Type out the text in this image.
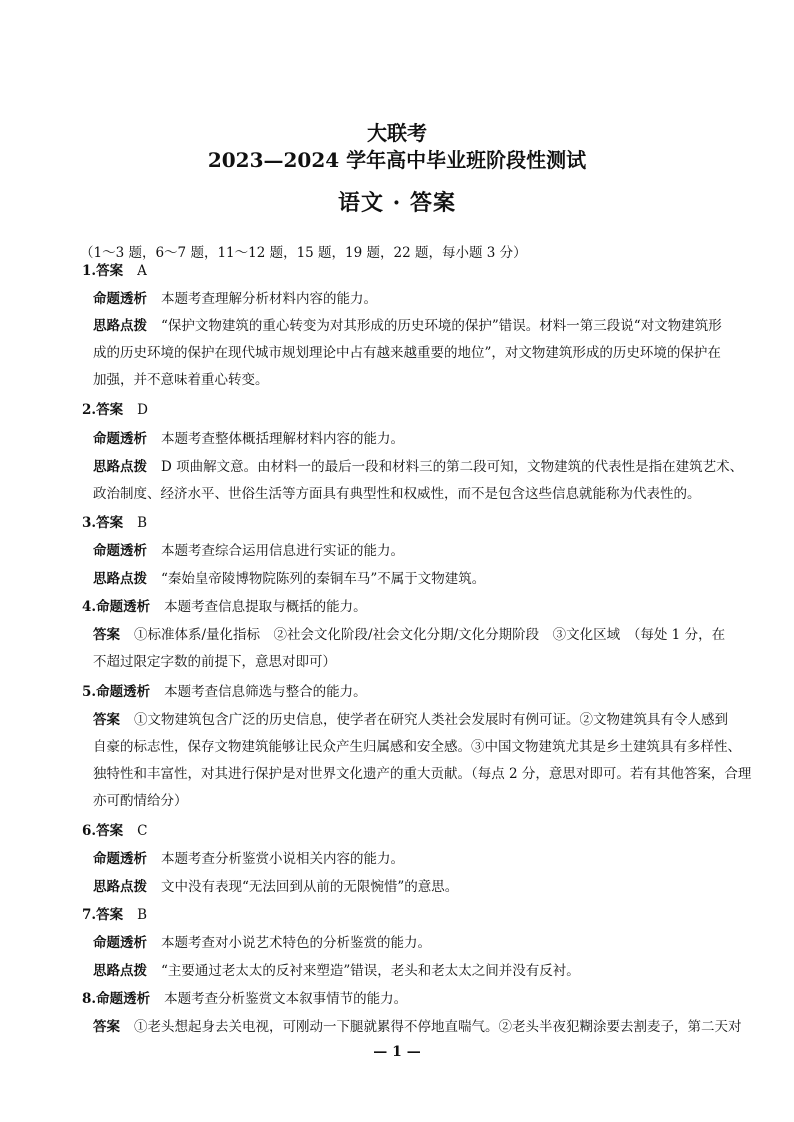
大联考
2023—2024 学年高中毕业班阶段性测试
语文 · 答案
（1～3 题，6～7 题，11～12 题，15 题，19 题，22 题，每小题 3 分）
1.答案 A
命题透析 本题考查理解分析材料内容的能力。
思路点拨 “保护文物建筑的重心转变为对其形成的历史环境的保护”错误。材料一第三段说“对文物建筑形
成的历史环境的保护在现代城市规划理论中占有越来越重要的地位”，对文物建筑形成的历史环境的保护在
加强，并不意味着重心转变。
2.答案 D
命题透析 本题考查整体概括理解材料内容的能力。
思路点拨 D 项曲解文意。由材料一的最后一段和材料三的第二段可知，文物建筑的代表性是指在建筑艺术、
政治制度、经济水平、世俗生活等方面具有典型性和权威性，而不是包含这些信息就能称为代表性的。
3.答案 B
命题透析 本题考查综合运用信息进行实证的能力。
思路点拨 “秦始皇帝陵博物院陈列的秦铜车马”不属于文物建筑。
4.命题透析 本题考查信息提取与概括的能力。
答案 ①标准体系/量化指标　②社会文化阶段/社会文化分期/文化分期阶段　③文化区域　（每处 1 分，在
不超过限定字数的前提下，意思对即可）
5.命题透析 本题考查信息筛选与整合的能力。
答案 ①文物建筑包含广泛的历史信息，使学者在研究人类社会发展时有例可证。②文物建筑具有令人感到
自豪的标志性，保存文物建筑能够让民众产生归属感和安全感。③中国文物建筑尤其是乡土建筑具有多样性、
独特性和丰富性，对其进行保护是对世界文化遗产的重大贡献。（每点 2 分，意思对即可。若有其他答案，合理
亦可酌情给分）
6.答案 C
命题透析 本题考查分析鉴赏小说相关内容的能力。
思路点拨 文中没有表现“无法回到从前的无限惋惜”的意思。
7.答案 B
命题透析 本题考查对小说艺术特色的分析鉴赏的能力。
思路点拨 “主要通过老太太的反衬来塑造”错误，老头和老太太之间并没有反衬。
8.命题透析 本题考查分析鉴赏文本叙事情节的能力。
答案 ①老头想起身去关电视，可刚动一下腿就累得不停地直喘气。②老头半夜犯糊涂要去割麦子，第二天对
— 1 —
